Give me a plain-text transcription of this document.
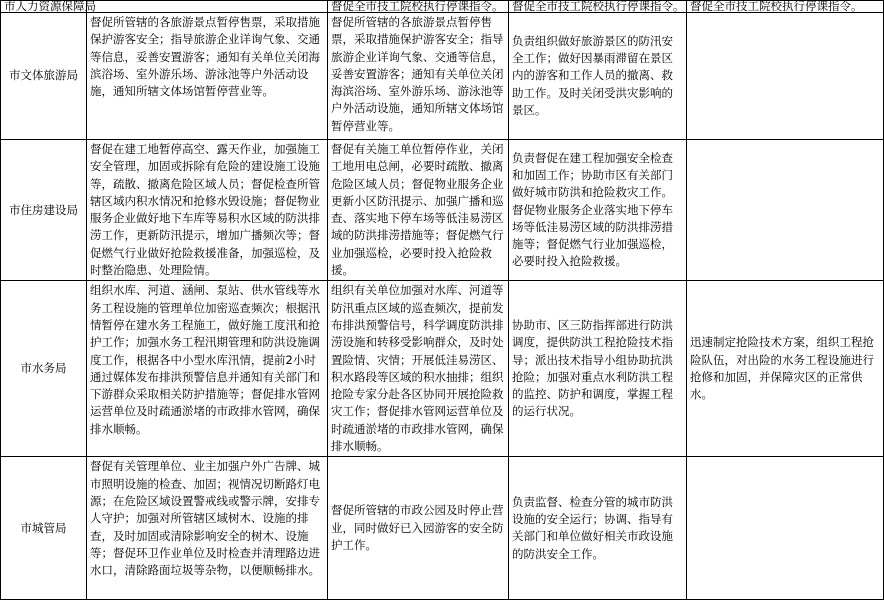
市人力资源保障局		督促全市技工院校执行停课指令。	督促全市技工院校执行停课指令。	督促全市技工院校执行停课指令。
市文体旅游局	督促所管辖的各旅游景点暂停售票，采取措施保护游客安全；指导旅游企业详询气象、交通等信息，妥善安置游客；通知有关单位关闭海滨浴场、室外游乐场、游泳池等户外活动设施，通知所辖文体场馆暂停营业等。	督促所管辖的各旅游景点暂停售票，采取措施保护游客安全；指导旅游企业详询气象、交通等信息，妥善安置游客；通知有关单位关闭海滨浴场、室外游乐场、游泳池等户外活动设施，通知所辖文体场馆暂停营业等。	负责组织做好旅游景区的防汛安全工作；做好因暴雨滞留在景区内的游客和工作人员的撤离、救助工作。及时关闭受洪灾影响的景区。	
市住房建设局	督促在建工地暂停高空、露天作业，加强施工安全管理，加固或拆除有危险的建设施工设施等，疏散、撤离危险区域人员；督促检查所管辖区域内积水情况和抢修水毁设施；督促物业服务企业做好地下车库等易积水区域的防洪排涝工作，更新防汛提示，增加广播频次等；督促燃气行业做好抢险救援准备，加强巡检，及时整治隐患、处理险情。	督促有关施工单位暂停作业，关闭工地用电总闸，必要时疏散、撤离危险区域人员；督促物业服务企业更新小区防汛提示、加强广播和巡查、落实地下停车场等低洼易涝区域的防洪排涝措施等；督促燃气行业加强巡检，必要时投入抢险救援。	负责督促在建工程加强安全检查和加固工作；协助市区有关部门做好城市防洪和抢险救灾工作。督促物业服务企业落实地下停车场等低洼易涝区域的防洪排涝措施等；督促燃气行业加强巡检，必要时投入抢险救援。	
市水务局	组织水库、河道、涵闸、泵站、供水管线等水务工程设施的管理单位加密巡查频次；根据汛情暂停在建水务工程施工，做好施工度汛和抢护工作；加强水务工程汛期管理和防洪设施调度工作，根据各中小型水库汛情，提前2小时通过媒体发布排洪预警信息并通知有关部门和下游群众采取相关防护措施等；督促排水管网运营单位及时疏通淤堵的市政排水管网，确保排水顺畅。	组织有关单位加强对水库、河道等防汛重点区域的巡查频次，提前发布排洪预警信号，科学调度防洪排涝设施和转移受影响群众，及时处置险情、灾情；开展低洼易涝区、积水路段等区域的积水抽排；组织抢险专家分赴各区协同开展抢险救灾工作；督促排水管网运营单位及时疏通淤堵的市政排水管网，确保排水顺畅。	协助市、区三防指挥部进行防洪调度，提供防洪工程抢险技术指导；派出技术指导小组协助抗洪抢险；加强对重点水利防洪工程的监控、防护和调度，掌握工程的运行状况。	迅速制定抢险技术方案，组织工程抢险队伍，对出险的水务工程设施进行抢修和加固，并保障灾区的正常供水。
市城管局	督促有关管理单位、业主加强户外广告牌、城市照明设施的检查、加固；视情况切断路灯电源；在危险区域设置警戒线或警示牌，安排专人守护；加强对所管辖区域树木、设施的排查，及时加固或清除影响安全的树木、设施等；督促环卫作业单位及时检查并清理路边进水口，清除路面垃圾等杂物，以便顺畅排水。	督促所管辖的市政公园及时停止营业，同时做好已入园游客的安全防护工作。	负责监督、检查分管的城市防洪设施的安全运行；协调、指导有关部门和单位做好相关市政设施的防洪安全工作。	
